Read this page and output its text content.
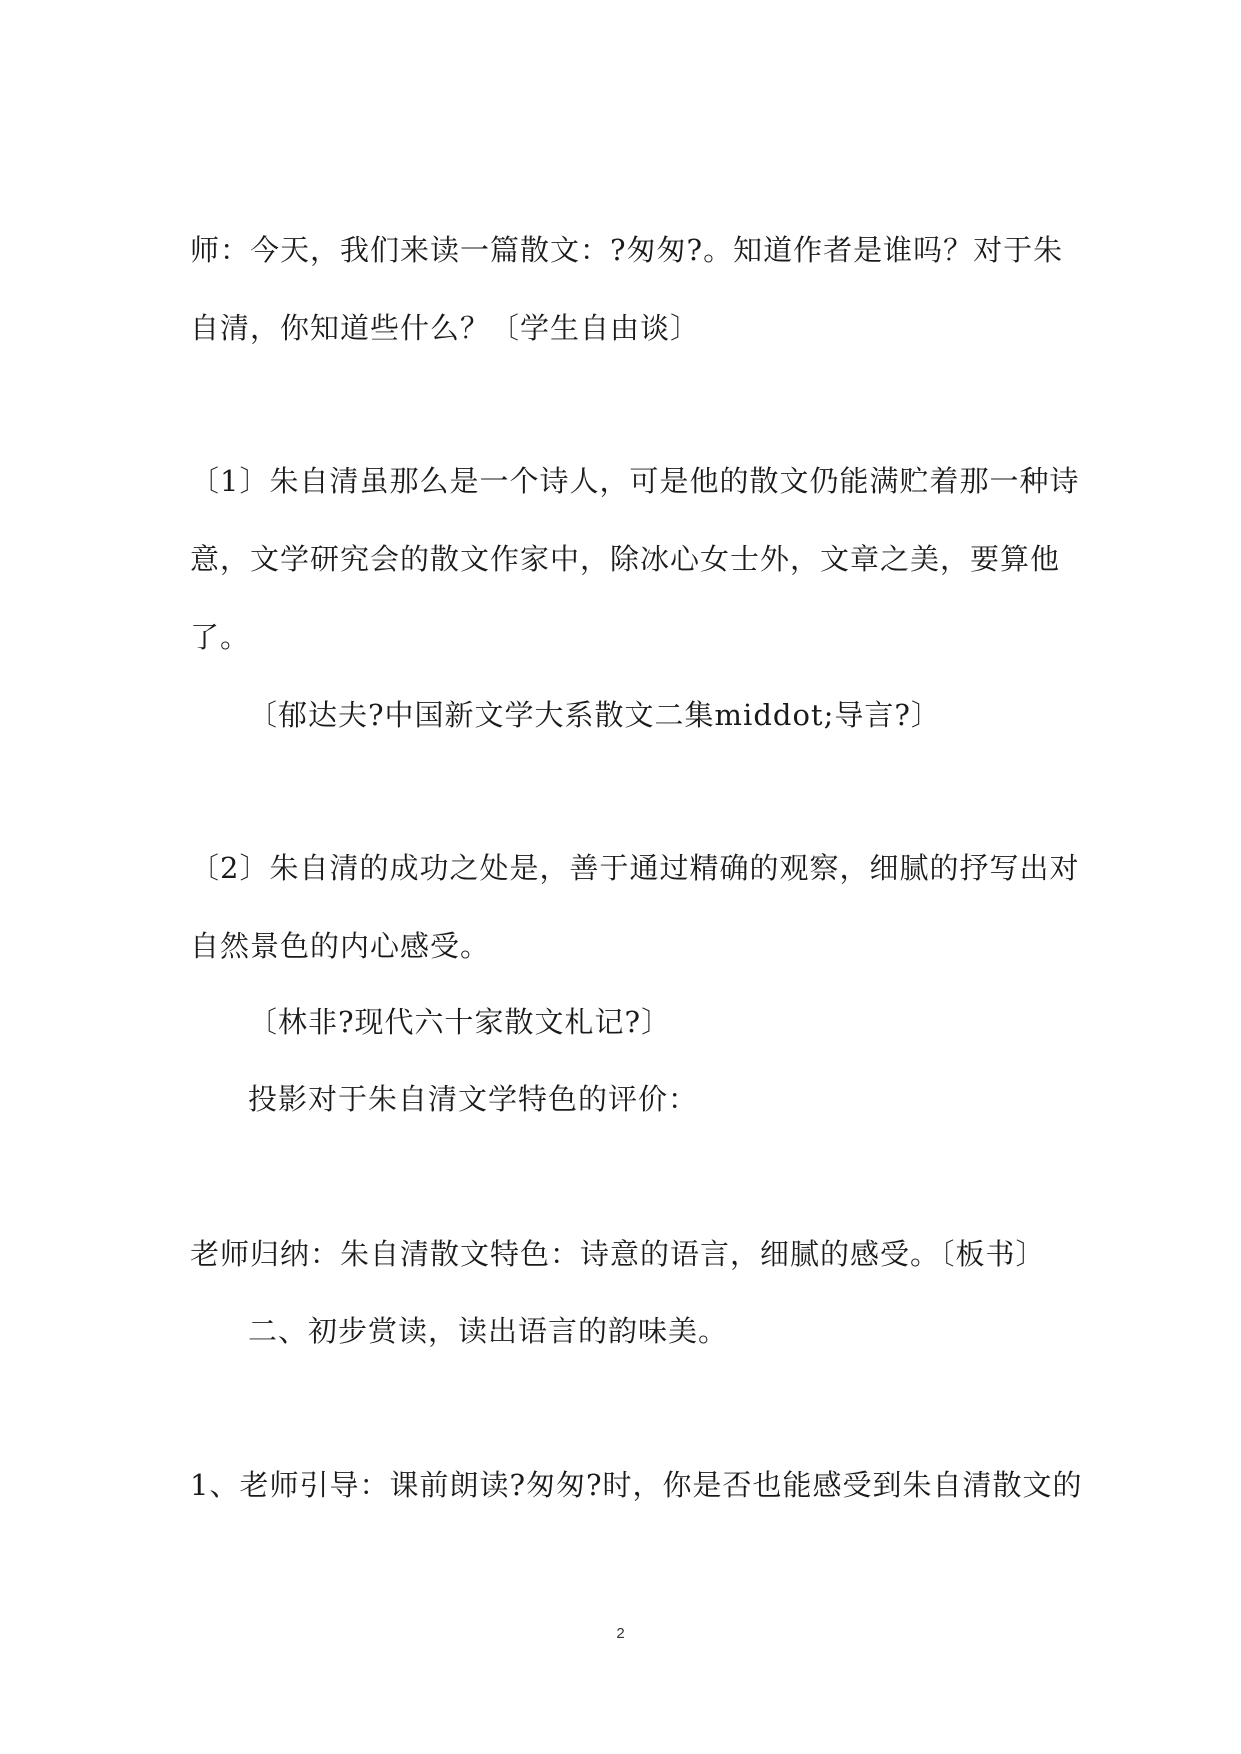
师：今天，我们来读一篇散文：?匆匆?。知道作者是谁吗？对于朱
自清，你知道些什么？〔学生自由谈〕
〔1〕朱自清虽那么是一个诗人，可是他的散文仍能满贮着那一种诗
意，文学研究会的散文作家中，除冰心女士外，文章之美，要算他
了。
〔郁达夫?中国新文学大系散文二集middot;导言?〕
〔2〕朱自清的成功之处是，善于通过精确的观察，细腻的抒写出对
自然景色的内心感受。
〔林非?现代六十家散文札记?〕
投影对于朱自清文学特色的评价：
老师归纳：朱自清散文特色：诗意的语言，细腻的感受。〔板书〕
二、初步赏读，读出语言的韵味美。
1、老师引导：课前朗读?匆匆?时，你是否也能感受到朱自清散文的
2
